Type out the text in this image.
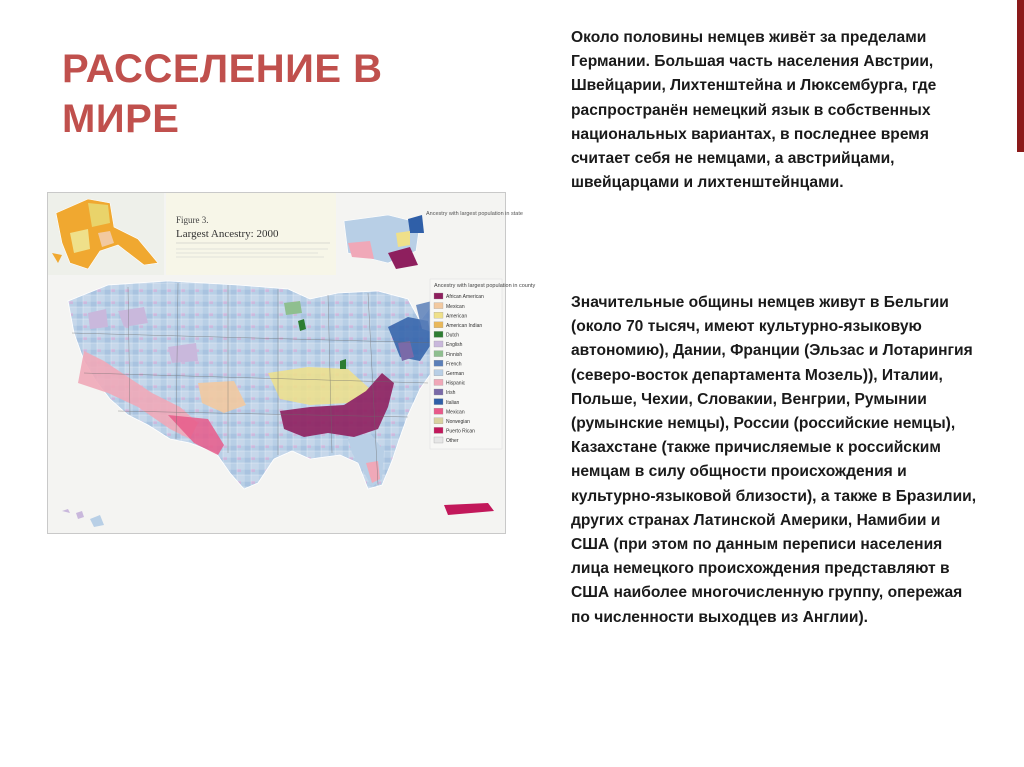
РАССЕЛЕНИЕ В МИРЕ

Около половины немцев живёт за пределами Германии. Большая часть населения Австрии, Швейцарии, Лихтенштейна и Люксембурга, где распространён немецкий язык в собственных национальных вариантах, в последнее время считает себя не немцами, а австрийцами, швейцарцами и лихтенштейнцами.

Значительные общины немцев живут в Бельгии (около 70 тысяч, имеют культурно-языковую автономию), Дании, Франции (Эльзас и Лотарингия (северо-восток департамента Мозель)), Италии, Польше, Чехии, Словакии, Венгрии, Румынии (румынские немцы), России (российские немцы), Казахстане (также причисляемые к российским немцам в силу общности происхождения и культурно-языковой близости), а также в Бразилии, других странах Латинской Америки, Намибии и США (при этом по данным переписи населения лица немецкого происхождения представляют в США наиболее многочисленную группу, опережая по численности выходцев из Англии).

Figure 3.
Largest Ancestry: 2000
Ancestry with largest population in state
Ancestry with largest population in county
African American
Mexican
American
American Indian
Dutch
English
Finnish
French
German
Hispanic
Irish
Italian
Mexican
Norwegian
Puerto Rican
Other
